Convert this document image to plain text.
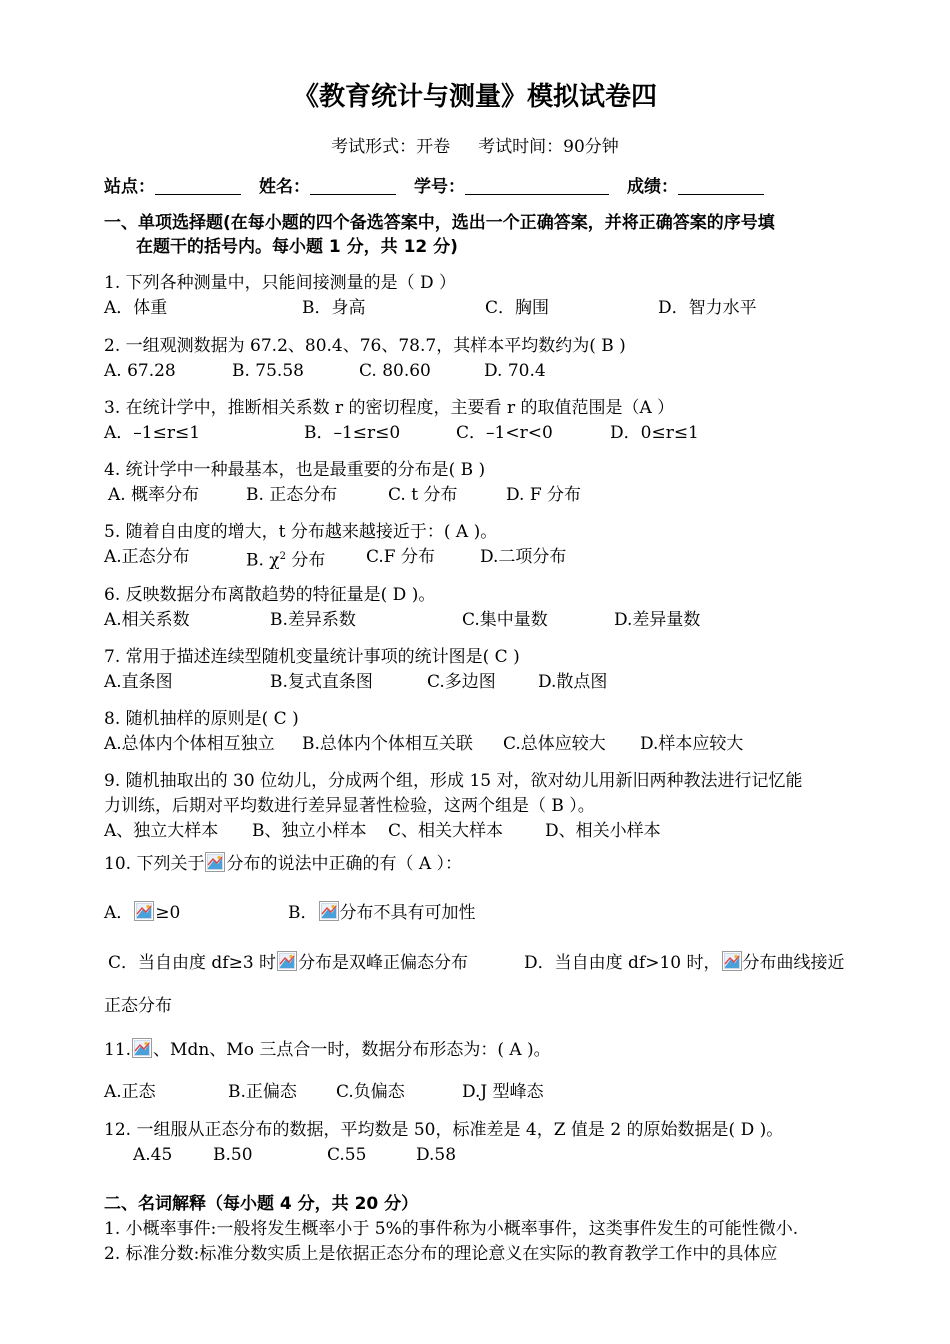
《教育统计与测量》模拟试卷四
考试形式：开卷 考试时间：90分钟
站点：	姓名：	学号：	成绩：
一、单项选择题(在每小题的四个备选答案中，选出一个正确答案，并将正确答案的序号填
在题干的括号内。每小题 1 分，共 12 分)
1. 下列各种测量中，只能间接测量的是（ D ）
A．体重	B．身高	C．胸围	D．智力水平
2. 一组观测数据为 67.2、80.4、76、78.7，其样本平均数约为( B )
A. 67.28	B. 75.58	C. 80.60	D. 70.4
3. 在统计学中，推断相关系数 r 的密切程度，主要看 r 的取值范围是（A ）
A．–1≤r≤1	B．–1≤r≤0	C．–1<r<0	D．0≤r≤1
4. 统计学中一种最基本，也是最重要的分布是( B )
A. 概率分布	B. 正态分布	C. t 分布	D. F 分布
5. 随着自由度的增大，t 分布越来越接近于：( A )。
A.正态分布	B. $\chi^2$ 分布 C.F 分布	D.二项分布
6. 反映数据分布离散趋势的特征量是( D )。
A.相关系数	B.差异系数	C.集中量数	D.差异量数
7. 常用于描述连续型随机变量统计事项的统计图是( C )
A.直条图	B.复式直条图	C.多边图 D.散点图
8. 随机抽样的原则是( C )
A.总体内个体相互独立 B.总体内个体相互关联 C.总体应较大 D.样本应较大
9. 随机抽取出的 30 位幼儿，分成两个组，形成 15 对，欲对幼儿用新旧两种教法进行记忆能
力训练，后期对平均数进行差异显著性检验，这两个组是（ B ）。
A、独立大样本 B、独立小样本 C、相关大样本 D、相关小样本
10. 下列关于 分布的说法中正确的有（ A ）：
A． ≥0	B． 分布不具有可加性
C．当自由度 df≥3 时 分布是双峰正偏态分布	D．当自由度 df>10 时， 分布曲线接近
正态分布
11. 、Mdn、Mo 三点合一时，数据分布形态为：( A )。
A.正态	B.正偏态 C.负偏态	D.J 型峰态
12. 一组服从正态分布的数据，平均数是 50，标准差是 4，Z 值是 2 的原始数据是( D )。
A.45 B.50	C.55	D.58
二、名词解释（每小题 4 分，共 20 分）
1. 小概率事件:一般将发生概率小于 5%的事件称为小概率事件，这类事件发生的可能性微小.
2. 标准分数:标准分数实质上是依据正态分布的理论意义在实际的教育教学工作中的具体应
